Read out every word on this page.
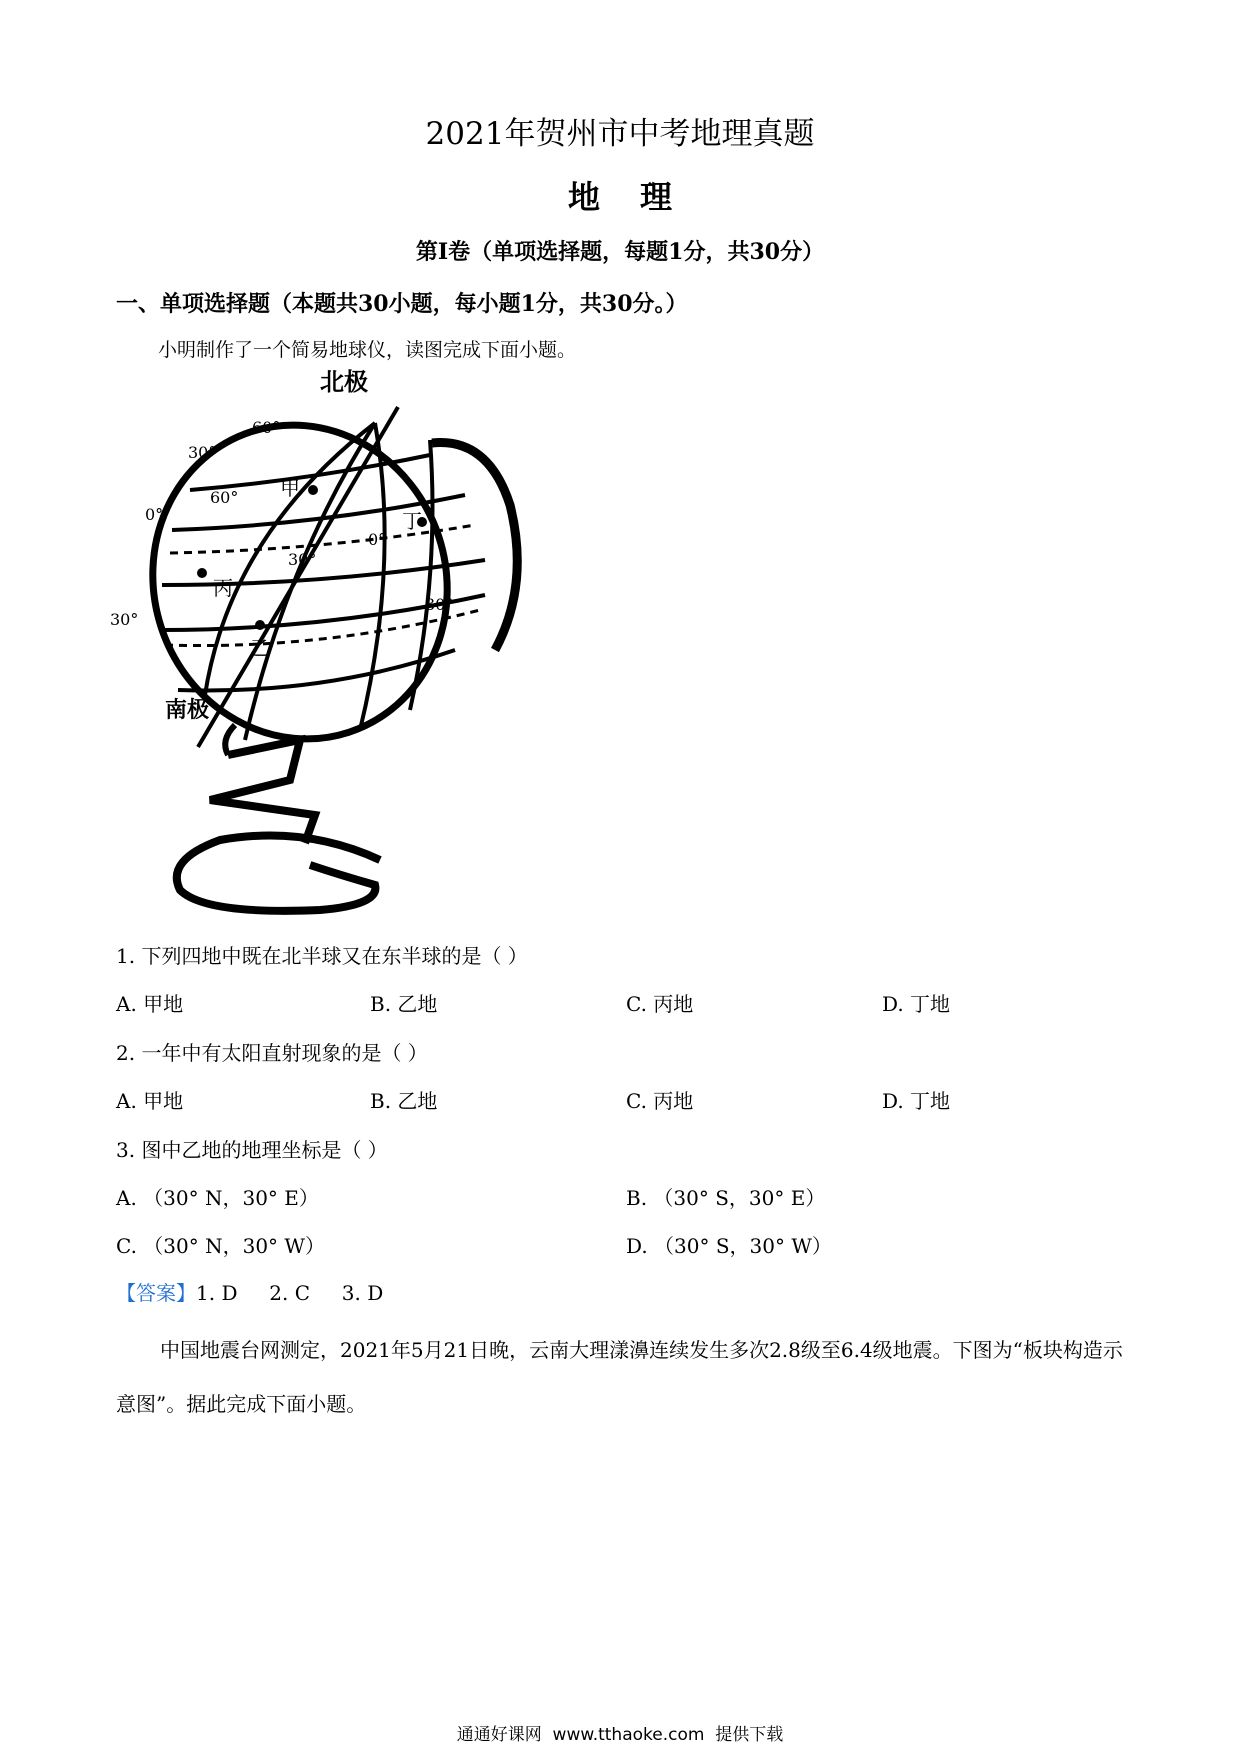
2021年贺州市中考地理真题
地理
第Ⅰ卷（单项选择题，每题1分，共30分）
一、单项选择题（本题共30小题，每小题1分，共30分。）
小明制作了一个简易地球仪，读图完成下面小题。
北极
南极
60°
30°
0°
30°
60°
30°
0°
30°
甲
乙
丙
丁
1. 下列四地中既在北半球又在东半球的是（ ）
A. 甲地	B. 乙地	C. 丙地	D. 丁地
2. 一年中有太阳直射现象的是（ ）
A. 甲地	B. 乙地	C. 丙地	D. 丁地
3. 图中乙地的地理坐标是（ ）
A. （30° N，30° E）	B. （30° S，30° E）
C. （30° N，30° W）	D. （30° S，30° W）
【答案】1. D     2. C     3. D
中国地震台网测定，2021年5月21日晚，云南大理漾濞连续发生多次2.8级至6.4级地震。下图为“板块构造示意图”。据此完成下面小题。
通通好课网  www.tthaoke.com  提供下载
